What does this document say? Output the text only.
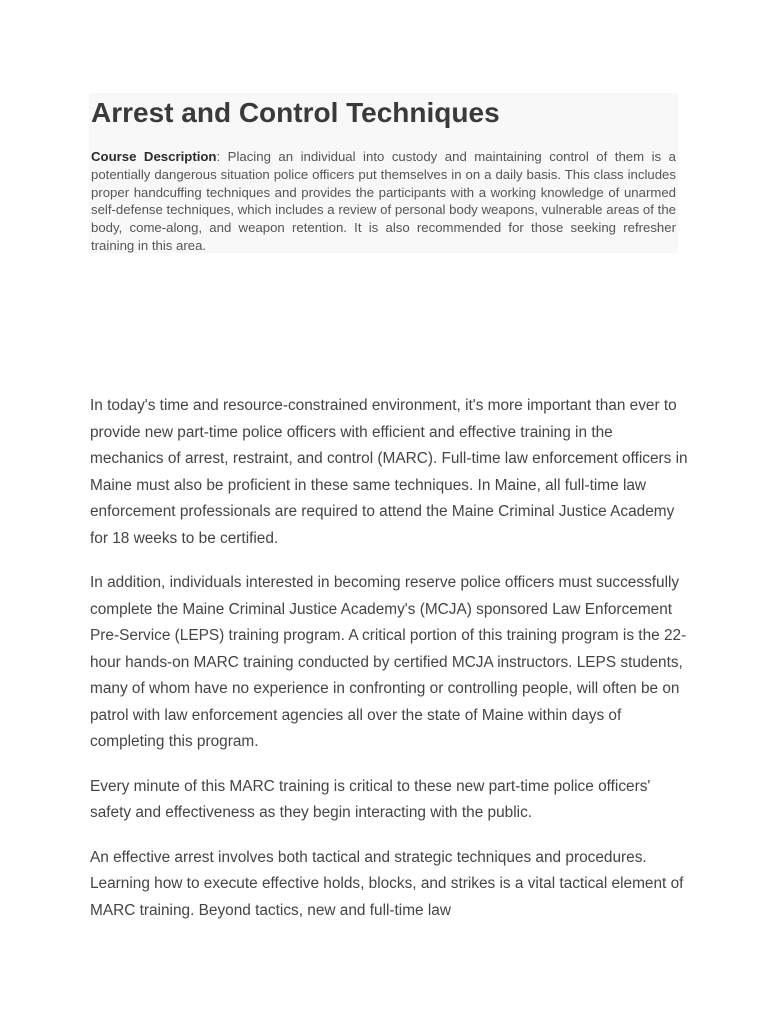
Arrest and Control Techniques

Course Description: Placing an individual into custody and maintaining control of them is a potentially dangerous situation police officers put themselves in on a daily basis. This class includes proper handcuffing techniques and provides the participants with a working knowledge of unarmed self-defense techniques, which includes a review of personal body weapons, vulnerable areas of the body, come-along, and weapon retention. It is also recommended for those seeking refresher training in this area.

In today's time and resource-constrained environment, it's more important than ever to provide new part-time police officers with efficient and effective training in the mechanics of arrest, restraint, and control (MARC). Full-time law enforcement officers in Maine must also be proficient in these same techniques. In Maine, all full-time law enforcement professionals are required to attend the Maine Criminal Justice Academy for 18 weeks to be certified.

In addition, individuals interested in becoming reserve police officers must successfully complete the Maine Criminal Justice Academy's (MCJA) sponsored Law Enforcement Pre-Service (LEPS) training program. A critical portion of this training program is the 22-hour hands-on MARC training conducted by certified MCJA instructors. LEPS students, many of whom have no experience in confronting or controlling people, will often be on patrol with law enforcement agencies all over the state of Maine within days of completing this program.

Every minute of this MARC training is critical to these new part-time police officers' safety and effectiveness as they begin interacting with the public.

An effective arrest involves both tactical and strategic techniques and procedures. Learning how to execute effective holds, blocks, and strikes is a vital tactical element of MARC training. Beyond tactics, new and full-time law
